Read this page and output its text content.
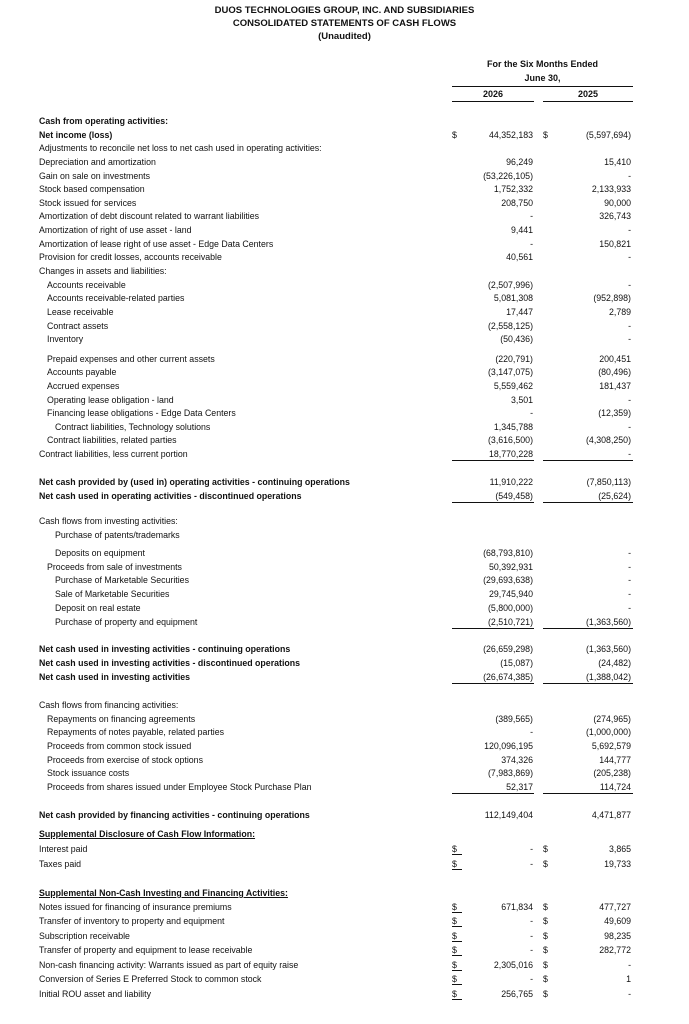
DUOS TECHNOLOGIES GROUP, INC. AND SUBSIDIARIES
CONSOLIDATED STATEMENTS OF CASH FLOWS
(Unaudited)
For the Six Months Ended
June 30,
2026	2025
Cash from operating activities:
Net income (loss)	$	44,352,183 $	(5,597,694)
Adjustments to reconcile net loss to net cash used in operating activities:
Depreciation and amortization	96,249	15,410
Gain on sale on investments	(53,226,105)	-
Stock based compensation	1,752,332	2,133,933
Stock issued for services	208,750	90,000
Amortization of debt discount related to warrant liabilities	-	326,743
Amortization of right of use asset - land	9,441	-
Amortization of lease right of use asset - Edge Data Centers	-	150,821
Provision for credit losses, accounts receivable	40,561	-
Changes in assets and liabilities:
Accounts receivable	(2,507,996)	-
Accounts receivable-related parties	5,081,308	(952,898)
Lease receivable	17,447	2,789
Contract assets	(2,558,125)	-
Inventory	(50,436)	-
Prepaid expenses and other current assets	(220,791)	200,451
Accounts payable	(3,147,075)	(80,496)
Accrued expenses	5,559,462	181,437
Operating lease obligation - land	3,501	-
Financing lease obligations - Edge Data Centers	-	(12,359)
Contract liabilities, Technology solutions	1,345,788	-
Contract liabilities, related parties	(3,616,500)	(4,308,250)
Contract liabilities, less current portion	18,770,228	-
Net cash provided by (used in) operating activities - continuing operations	11,910,222	(7,850,113)
Net cash used in operating activities - discontinued operations	(549,458)	(25,624)
Cash flows from investing activities:
Purchase of patents/trademarks
Deposits on equipment	(68,793,810)	-
Proceeds from sale of investments	50,392,931	-
Purchase of Marketable Securities	(29,693,638)	-
Sale of Marketable Securities	29,745,940	-
Deposit on real estate	(5,800,000)	-
Purchase of property and equipment	(2,510,721)	(1,363,560)
Net cash used in investing activities - continuing operations	(26,659,298)	(1,363,560)
Net cash used in investing activities - discontinued operations	(15,087)	(24,482)
Net cash used in investing activities	(26,674,385)	(1,388,042)
Cash flows from financing activities:
Repayments on financing agreements	(389,565)	(274,965)
Repayments of notes payable, related parties	-	(1,000,000)
Proceeds from common stock issued	120,096,195	5,692,579
Proceeds from exercise of stock options	374,326	144,777
Stock issuance costs	(7,983,869)	(205,238)
Proceeds from shares issued under Employee Stock Purchase Plan	52,317	114,724
Net cash provided by financing activities - continuing operations	112,149,404	4,471,877
Supplemental Disclosure of Cash Flow Information:
Interest paid	$	- $	3,865
Taxes paid	$	- $	19,733
Supplemental Non-Cash Investing and Financing Activities:
Notes issued for financing of insurance premiums	$	671,834 $	477,727
Transfer of inventory to property and equipment	$	- $	49,609
Subscription receivable	$	- $	98,235
Transfer of property and equipment to lease receivable	$	- $	282,772
Non-cash financing activity: Warrants issued as part of equity raise	$	2,305,016 $	-
Conversion of Series E Preferred Stock to common stock	$	- $	1
Initial ROU asset and liability	$	256,765 $	-
